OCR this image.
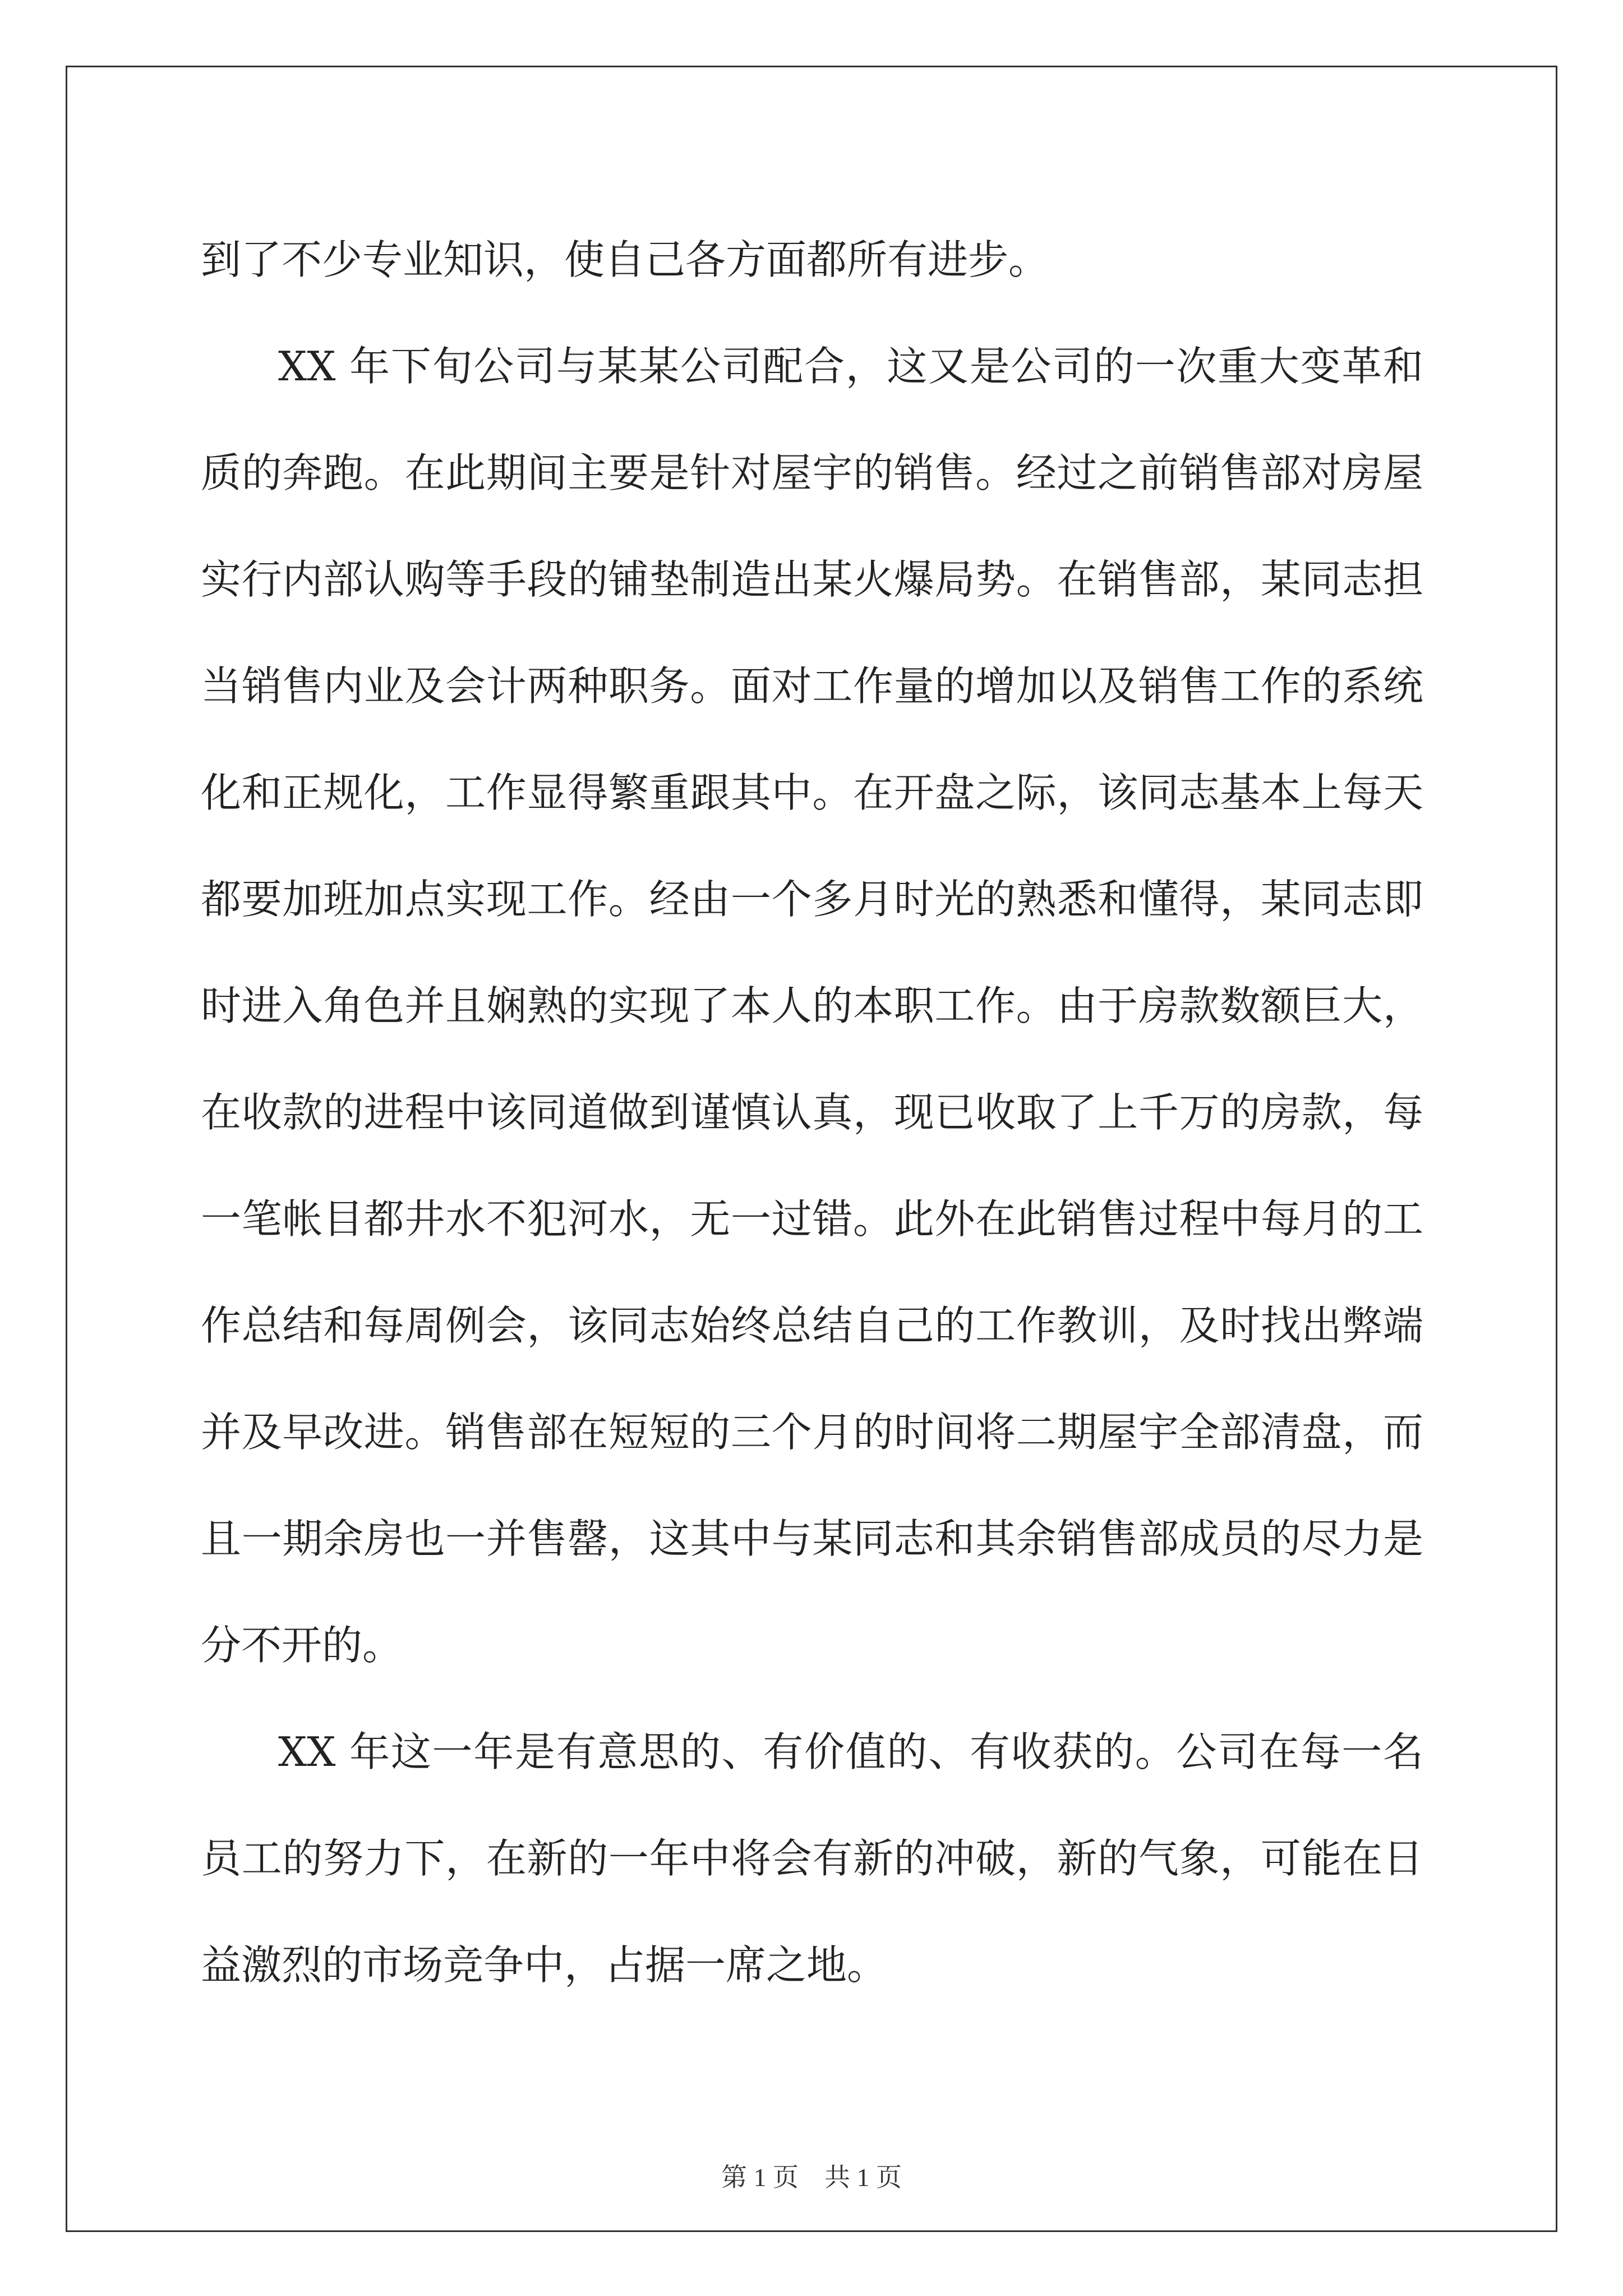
到了不少专业知识，使自己各方面都所有进步。

XX 年下旬公司与某某公司配合，这又是公司的一次重大变革和质的奔跑。在此期间主要是针对屋宇的销售。经过之前销售部对房屋实行内部认购等手段的铺垫制造出某火爆局势。在销售部，某同志担当销售内业及会计两种职务。面对工作量的增加以及销售工作的系统化和正规化，工作显得繁重跟其中。在开盘之际，该同志基本上每天都要加班加点实现工作。经由一个多月时光的熟悉和懂得，某同志即时进入角色并且娴熟的实现了本人的本职工作。由于房款数额巨大，在收款的进程中该同道做到谨慎认真，现已收取了上千万的房款，每一笔帐目都井水不犯河水，无一过错。此外在此销售过程中每月的工作总结和每周例会，该同志始终总结自己的工作教训，及时找出弊端并及早改进。销售部在短短的三个月的时间将二期屋宇全部清盘，而且一期余房也一并售罄，这其中与某同志和其余销售部成员的尽力是分不开的。

XX 年这一年是有意思的、有价值的、有收获的。公司在每一名员工的努力下，在新的一年中将会有新的冲破，新的气象，可能在日益激烈的市场竞争中，占据一席之地。

第 1 页　共 1 页
